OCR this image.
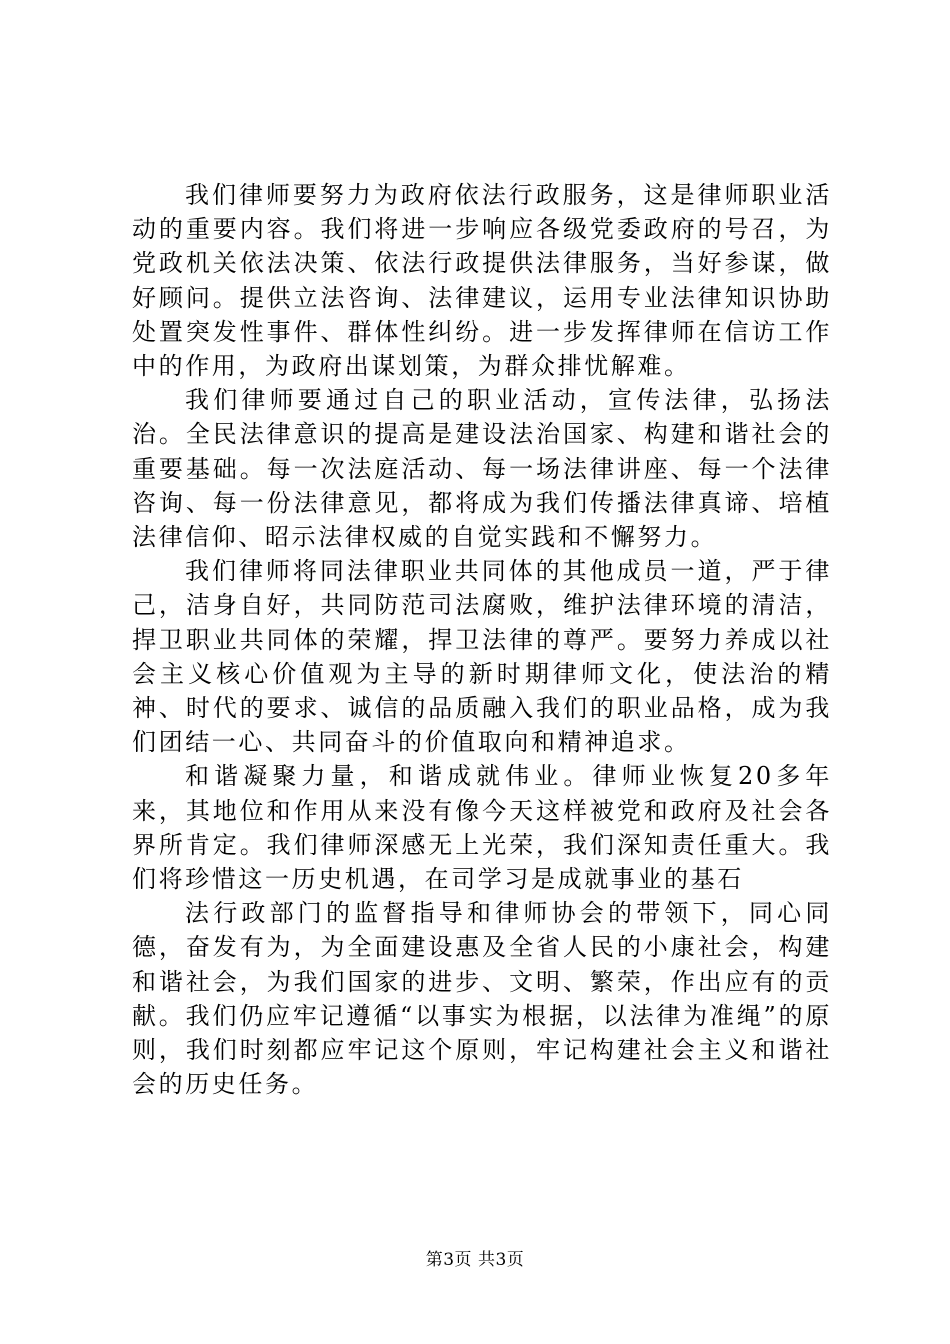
我们律师要努力为政府依法行政服务，这是律师职业活动的重要内容。我们将进一步响应各级党委政府的号召，为党政机关依法决策、依法行政提供法律服务，当好参谋，做好顾问。提供立法咨询、法律建议，运用专业法律知识协助处置突发性事件、群体性纠纷。进一步发挥律师在信访工作中的作用，为政府出谋划策，为群众排忧解难。

我们律师要通过自己的职业活动，宣传法律，弘扬法治。全民法律意识的提高是建设法治国家、构建和谐社会的重要基础。每一次法庭活动、每一场法律讲座、每一个法律咨询、每一份法律意见，都将成为我们传播法律真谛、培植法律信仰、昭示法律权威的自觉实践和不懈努力。

我们律师将同法律职业共同体的其他成员一道，严于律己，洁身自好，共同防范司法腐败，维护法律环境的清洁，捍卫职业共同体的荣耀，捍卫法律的尊严。要努力养成以社会主义核心价值观为主导的新时期律师文化，使法治的精神、时代的要求、诚信的品质融入我们的职业品格，成为我们团结一心、共同奋斗的价值取向和精神追求。

和谐凝聚力量，和谐成就伟业。律师业恢复20多年来，其地位和作用从来没有像今天这样被党和政府及社会各界所肯定。我们律师深感无上光荣，我们深知责任重大。我们将珍惜这一历史机遇，在司学习是成就事业的基石

法行政部门的监督指导和律师协会的带领下，同心同德，奋发有为，为全面建设惠及全省人民的小康社会，构建和谐社会，为我们国家的进步、文明、繁荣，作出应有的贡献。我们仍应牢记遵循“以事实为根据，以法律为准绳”的原则，我们时刻都应牢记这个原则，牢记构建社会主义和谐社会的历史任务。

第3页 共3页
